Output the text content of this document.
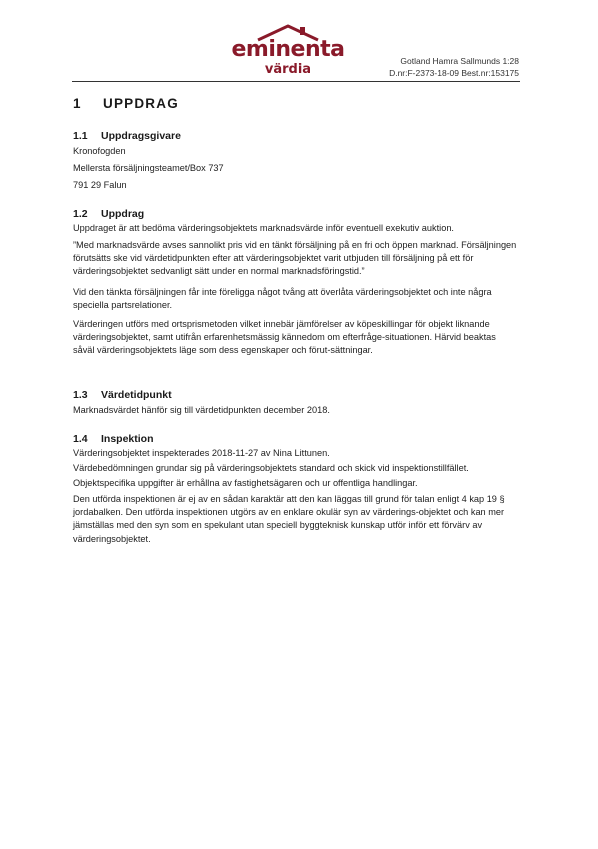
eminenta
värdia
Gotland Hamra Sallmunds 1:28
D.nr:F-2373-18-09 Best.nr:153175
1 UPPDRAG
1.1 Uppdragsgivare
Kronofogden
Mellersta försäljningsteamet/Box 737
791 29 Falun
1.2 Uppdrag
Uppdraget är att bedöma värderingsobjektets marknadsvärde inför eventuell exekutiv auktion.
”Med marknadsvärde avses sannolikt pris vid en tänkt försäljning på en fri och öppen marknad. Försäljningen förutsätts ske vid värdetidpunkten efter att värderingsobjektet varit utbjuden till försäljning på ett för värderingsobjektet sedvanligt sätt under en normal marknadsföringstid.”
Vid den tänkta försäljningen får inte föreligga något tvång att överlåta värderingsobjektet och inte några speciella partsrelationer.
Värderingen utförs med ortsprismetoden vilket innebär jämförelser av köpeskillingar för objekt liknande värderingsobjektet, samt utifrån erfarenhetsmässig kännedom om efterfråge-situationen. Härvid beaktas såväl värderingsobjektets läge som dess egenskaper och förut-sättningar.
1.3 Värdetidpunkt
Marknadsvärdet hänför sig till värdetidpunkten december 2018.
1.4 Inspektion
Värderingsobjektet inspekterades 2018-11-27 av Nina Littunen.
Värdebedömningen grundar sig på värderingsobjektets standard och skick vid inspektionstillfället.
Objektspecifika uppgifter är erhållna av fastighetsägaren och ur offentliga handlingar.
Den utförda inspektionen är ej av en sådan karaktär att den kan läggas till grund för talan enligt 4 kap 19 § jordabalken. Den utförda inspektionen utgörs av en enklare okulär syn av värderings-objektet och kan mer jämställas med den syn som en spekulant utan speciell byggteknisk kunskap utför inför ett förvärv av värderingsobjektet.
